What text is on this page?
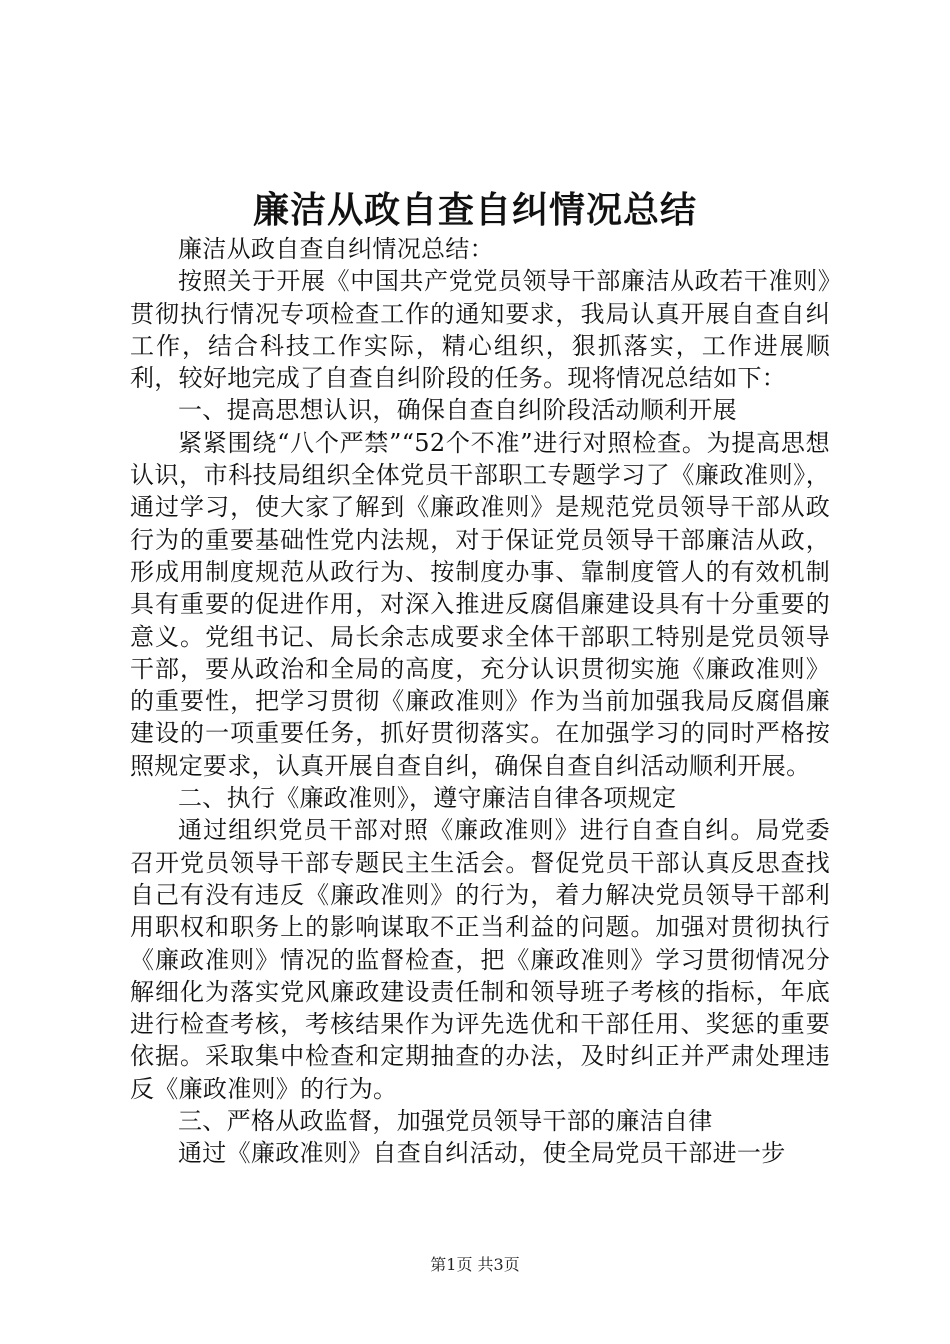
廉洁从政自查自纠情况总结

廉洁从政自查自纠情况总结：

按照关于开展《中国共产党党员领导干部廉洁从政若干准则》贯彻执行情况专项检查工作的通知要求，我局认真开展自查自纠工作，结合科技工作实际，精心组织，狠抓落实，工作进展顺利，较好地完成了自查自纠阶段的任务。现将情况总结如下：

一、提高思想认识，确保自查自纠阶段活动顺利开展

紧紧围绕“八个严禁”“52个不准”进行对照检查。为提高思想认识，市科技局组织全体党员干部职工专题学习了《廉政准则》，通过学习，使大家了解到《廉政准则》是规范党员领导干部从政行为的重要基础性党内法规，对于保证党员领导干部廉洁从政，形成用制度规范从政行为、按制度办事、靠制度管人的有效机制具有重要的促进作用，对深入推进反腐倡廉建设具有十分重要的意义。党组书记、局长余志成要求全体干部职工特别是党员领导干部，要从政治和全局的高度，充分认识贯彻实施《廉政准则》的重要性，把学习贯彻《廉政准则》作为当前加强我局反腐倡廉建设的一项重要任务，抓好贯彻落实。在加强学习的同时严格按照规定要求，认真开展自查自纠，确保自查自纠活动顺利开展。

二、执行《廉政准则》，遵守廉洁自律各项规定

通过组织党员干部对照《廉政准则》进行自查自纠。局党委召开党员领导干部专题民主生活会。督促党员干部认真反思查找自己有没有违反《廉政准则》的行为，着力解决党员领导干部利用职权和职务上的影响谋取不正当利益的问题。加强对贯彻执行《廉政准则》情况的监督检查，把《廉政准则》学习贯彻情况分解细化为落实党风廉政建设责任制和领导班子考核的指标，年底进行检查考核，考核结果作为评先选优和干部任用、奖惩的重要依据。采取集中检查和定期抽查的办法，及时纠正并严肃处理违反《廉政准则》的行为。

三、严格从政监督，加强党员领导干部的廉洁自律

通过《廉政准则》自查自纠活动，使全局党员干部进一步

第1页 共3页
